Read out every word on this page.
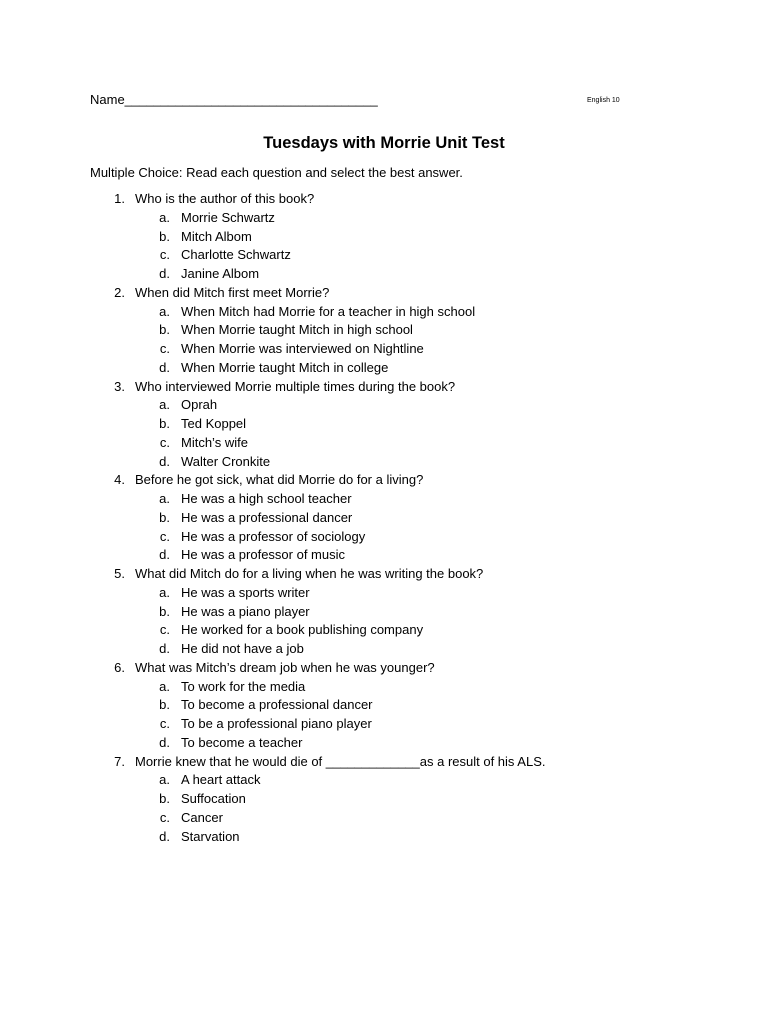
Name___________________________________	English 10
Tuesdays with Morrie Unit Test

Multiple Choice: Read each question and select the best answer.

1. Who is the author of this book?
a. Morrie Schwartz
b. Mitch Albom
c. Charlotte Schwartz
d. Janine Albom
2. When did Mitch first meet Morrie?
a. When Mitch had Morrie for a teacher in high school
b. When Morrie taught Mitch in high school
c. When Morrie was interviewed on Nightline
d. When Morrie taught Mitch in college
3. Who interviewed Morrie multiple times during the book?
a. Oprah
b. Ted Koppel
c. Mitch’s wife
d. Walter Cronkite
4. Before he got sick, what did Morrie do for a living?
a. He was a high school teacher
b. He was a professional dancer
c. He was a professor of sociology
d. He was a professor of music
5. What did Mitch do for a living when he was writing the book?
a. He was a sports writer
b. He was a piano player
c. He worked for a book publishing company
d. He did not have a job
6. What was Mitch’s dream job when he was younger?
a. To work for the media
b. To become a professional dancer
c. To be a professional piano player
d. To become a teacher
7. Morrie knew that he would die of _____________as a result of his ALS.
a. A heart attack
b. Suffocation
c. Cancer
d. Starvation
